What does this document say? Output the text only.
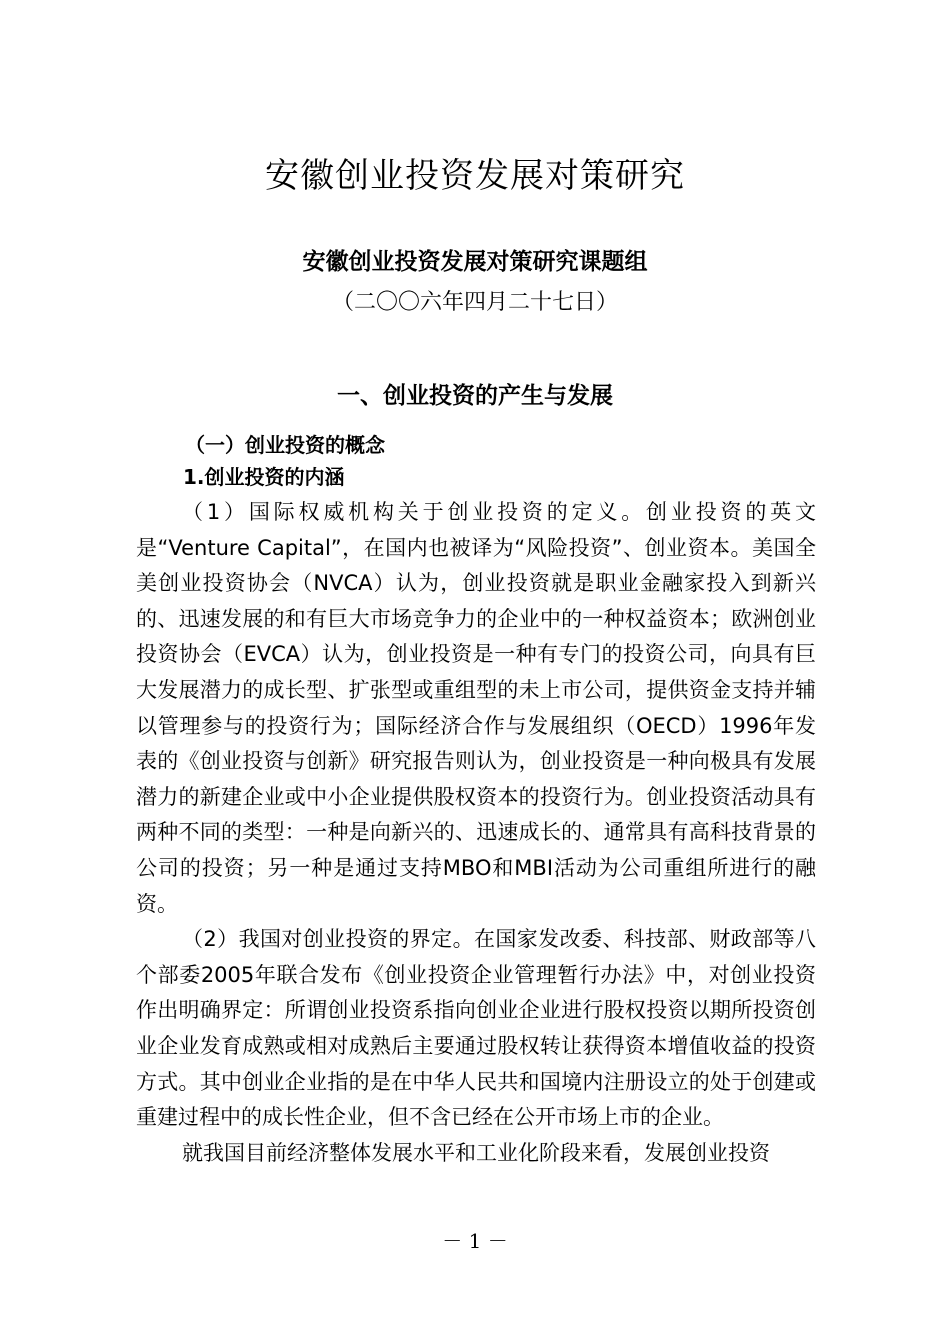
安徽创业投资发展对策研究
安徽创业投资发展对策研究课题组
（二〇〇六年四月二十七日）
一、创业投资的产生与发展
（一）创业投资的概念
1.创业投资的内涵

（1）国际权威机构关于创业投资的定义。创业投资的英文是“Venture Capital”，在国内也被译为“风险投资”、创业资本。美国全美创业投资协会（NVCA）认为，创业投资就是职业金融家投入到新兴的、迅速发展的和有巨大市场竞争力的企业中的一种权益资本；欧洲创业投资协会（EVCA）认为，创业投资是一种有专门的投资公司，向具有巨大发展潜力的成长型、扩张型或重组型的未上市公司，提供资金支持并辅以管理参与的投资行为；国际经济合作与发展组织（OECD）1996年发表的《创业投资与创新》研究报告则认为，创业投资是一种向极具有发展潜力的新建企业或中小企业提供股权资本的投资行为。创业投资活动具有两种不同的类型：一种是向新兴的、迅速成长的、通常具有高科技背景的公司的投资；另一种是通过支持MBO和MBI活动为公司重组所进行的融资。

（2）我国对创业投资的界定。在国家发改委、科技部、财政部等八个部委2005年联合发布《创业投资企业管理暂行办法》中，对创业投资作出明确界定：所谓创业投资系指向创业企业进行股权投资以期所投资创业企业发育成熟或相对成熟后主要通过股权转让获得资本增值收益的投资方式。其中创业企业指的是在中华人民共和国境内注册设立的处于创建或重建过程中的成长性企业，但不含已经在公开市场上市的企业。

就我国目前经济整体发展水平和工业化阶段来看，发展创业投资

－ 1 －
